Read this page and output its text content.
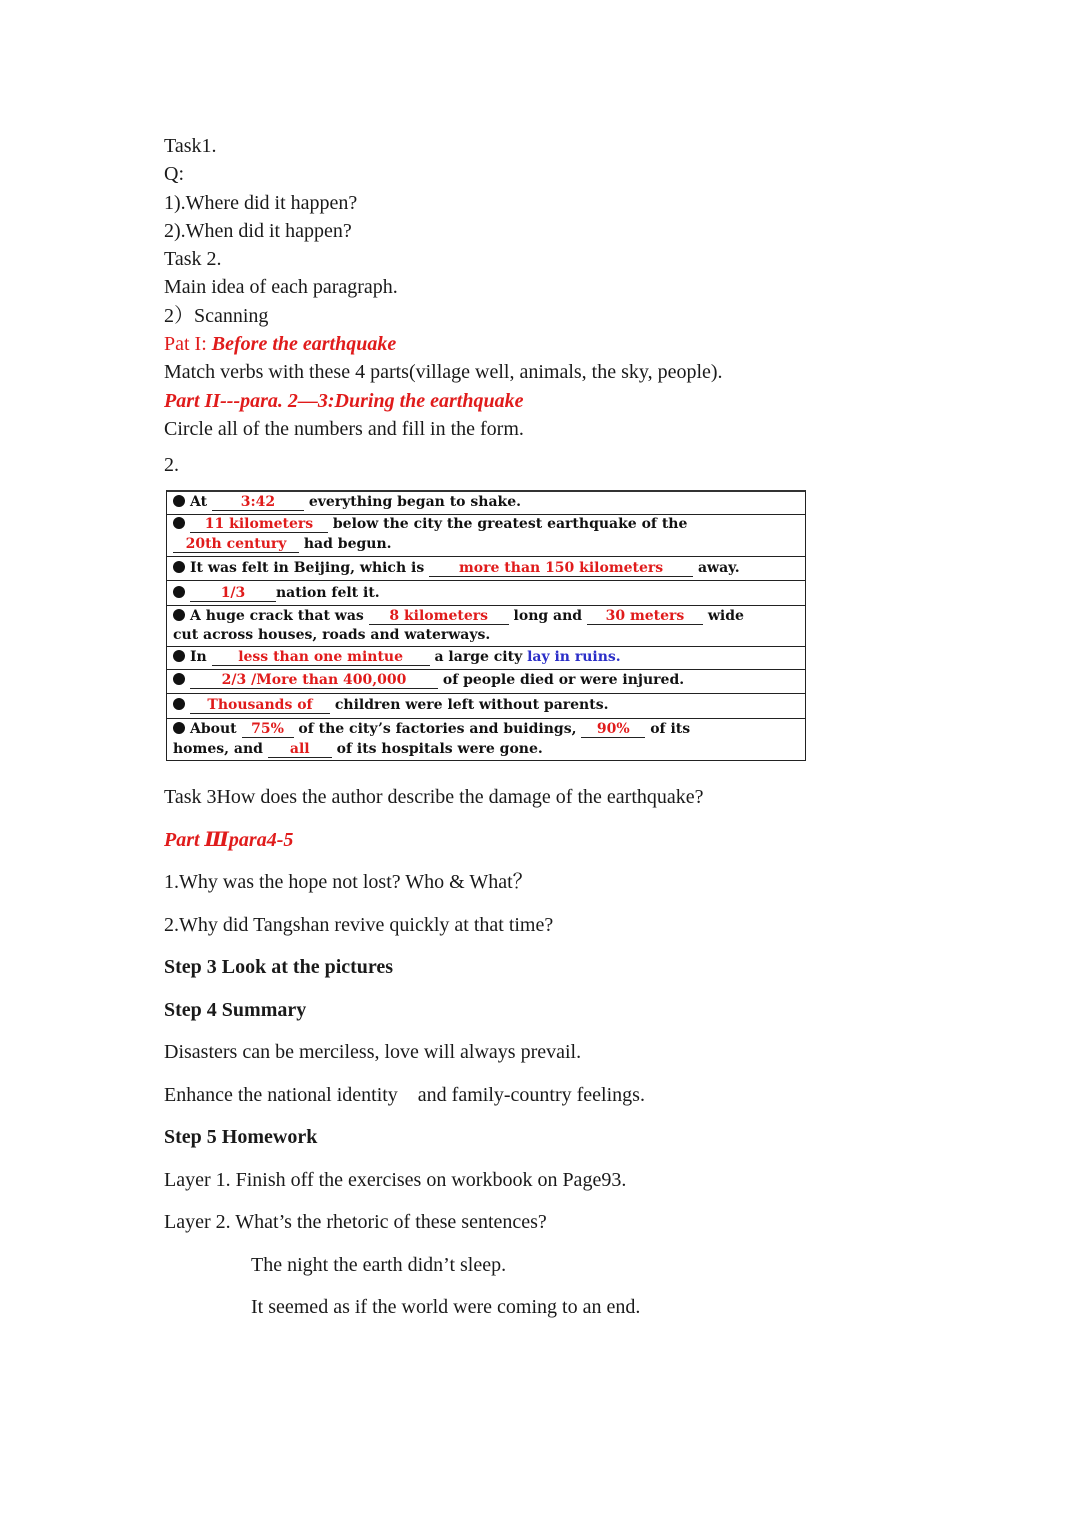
Task1.
Q:
1).Where did it happen?
2).When did it happen?
Task 2.
Main idea of each paragraph.
2）Scanning
Pat I: Before the earthquake
Match verbs with these 4 parts(village well, animals, the sky, people).
Part II---para. 2—3:During the earthquake
Circle all of the numbers and fill in the form.
2.
At 3:42 everything began to shake.
11 kilometers below the city the greatest earthquake of the
20th century had begun.
It was felt in Beijing, which is more than 150 kilometers away.
1/3 nation felt it.
A huge crack that was 8 kilometers long and 30 meters wide
cut across houses, roads and waterways.
In less than one mintue a large city lay in ruins.
2/3 /More than 400,000	of people died or were injured.
Thousands of children were left without parents.
About 75% of the city’s factories and buidings, 90% of its
homes, and all of its hospitals were gone.
Task 3How does the author describe the damage of the earthquake?
Part Ⅲpara4-5
1.Why was the hope not lost? Who & What？
2.Why did Tangshan revive quickly at that time?
Step 3 Look at the pictures
Step 4 Summary
Disasters can be merciless, love will always prevail.
Enhance the national identity　and family-country feelings.
Step 5 Homework
Layer 1. Finish off the exercises on workbook on Page93.
Layer 2. What’s the rhetoric of these sentences?
The night the earth didn’t sleep.
It seemed as if the world were coming to an end.
